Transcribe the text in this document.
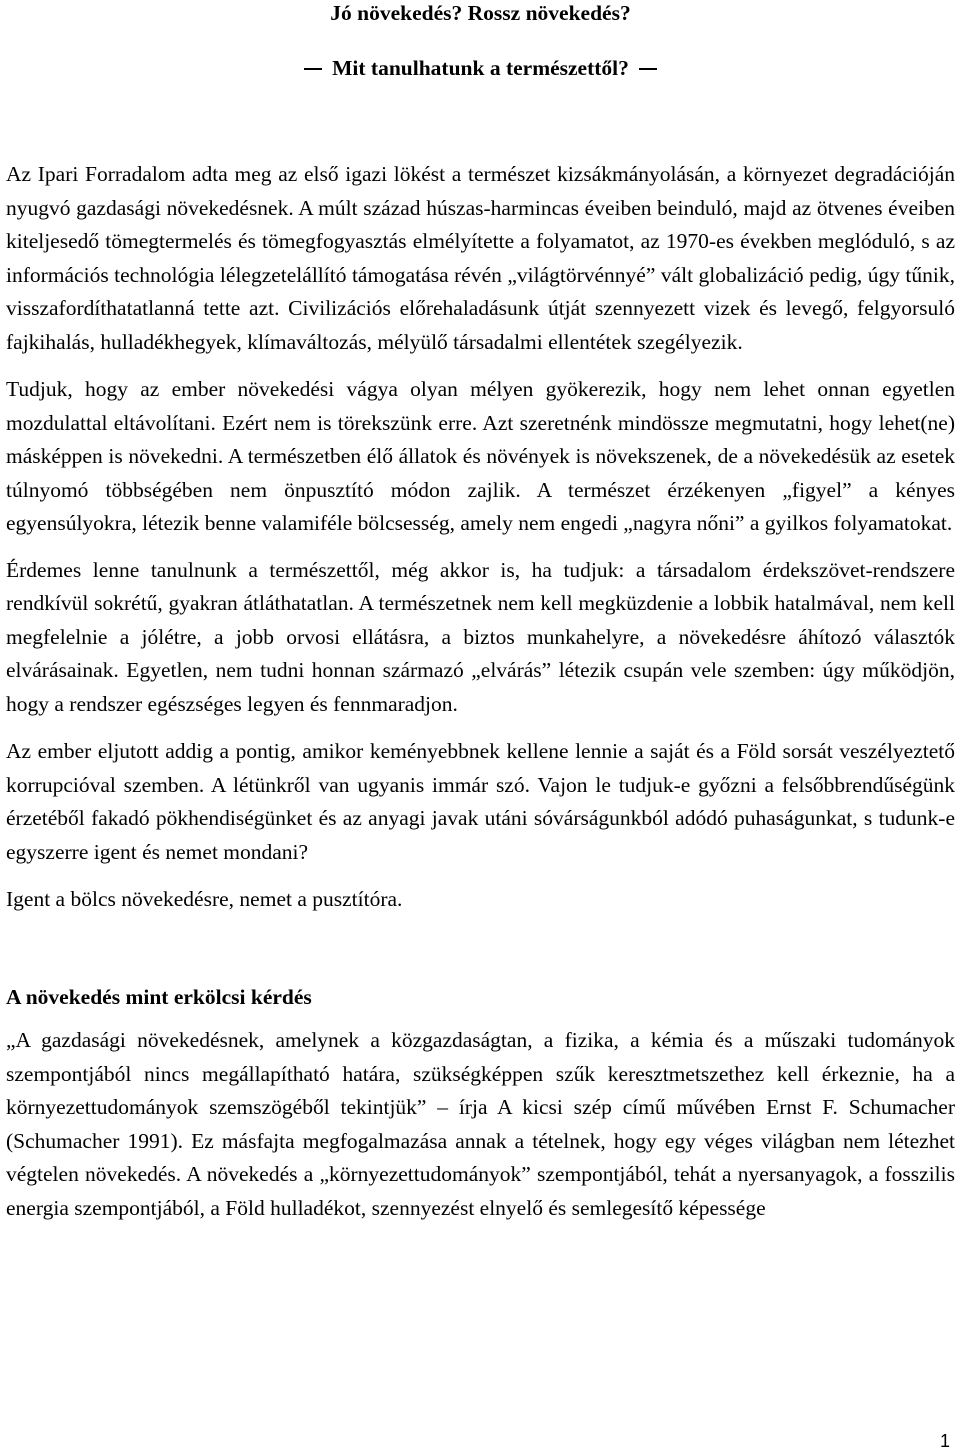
Jó növekedés? Rossz növekedés?
Mit tanulhatunk a természettől?

Az Ipari Forradalom adta meg az első igazi lökést a természet kizsákmányolásán, a környezet degradációján nyugvó gazdasági növekedésnek. A múlt század húszas-harmincas éveiben beinduló, majd az ötvenes éveiben kiteljesedő tömegtermelés és tömegfogyasztás elmélyítette a folyamatot, az 1970-es években meglóduló, s az információs technológia lélegzetelállító támogatása révén „világtörvénnyé” vált globalizáció pedig, úgy tűnik, visszafordíthatatlanná tette azt. Civilizációs előrehaladásunk útját szennyezett vizek és levegő, felgyorsuló fajkihalás, hulladékhegyek, klímaváltozás, mélyülő társadalmi ellentétek szegélyezik.

Tudjuk, hogy az ember növekedési vágya olyan mélyen gyökerezik, hogy nem lehet onnan egyetlen mozdulattal eltávolítani. Ezért nem is törekszünk erre. Azt szeretnénk mindössze megmutatni, hogy lehet(ne) másképpen is növekedni. A természetben élő állatok és növények is növekszenek, de a növekedésük az esetek túlnyomó többségében nem önpusztító módon zajlik. A természet érzékenyen „figyel” a kényes egyensúlyokra, létezik benne valamiféle bölcsesség, amely nem engedi „nagyra nőni” a gyilkos folyamatokat.

Érdemes lenne tanulnunk a természettől, még akkor is, ha tudjuk: a társadalom érdekszövet-rendszere rendkívül sokrétű, gyakran átláthatatlan. A természetnek nem kell megküzdenie a lobbik hatalmával, nem kell megfelelnie a jólétre, a jobb orvosi ellátásra, a biztos munkahelyre, a növekedésre áhítozó választók elvárásainak. Egyetlen, nem tudni honnan származó „elvárás” létezik csupán vele szemben: úgy működjön, hogy a rendszer egészséges legyen és fennmaradjon.

Az ember eljutott addig a pontig, amikor keményebbnek kellene lennie a saját és a Föld sorsát veszélyeztető korrupcióval szemben. A létünkről van ugyanis immár szó. Vajon le tudjuk-e győzni a felsőbbrendűségünk érzetéből fakadó pökhendiségünket és az anyagi javak utáni sóvárságunkból adódó puhaságunkat, s tudunk-e egyszerre igent és nemet mondani?

Igent a bölcs növekedésre, nemet a pusztítóra.

A növekedés mint erkölcsi kérdés

„A gazdasági növekedésnek, amelynek a közgazdaságtan, a fizika, a kémia és a műszaki tudományok szempontjából nincs megállapítható határa, szükségképpen szűk keresztmetszethez kell érkeznie, ha a környezettudományok szemszögéből tekintjük” – írja A kicsi szép című művében Ernst F. Schumacher (Schumacher 1991). Ez másfajta megfogalmazása annak a tételnek, hogy egy véges világban nem létezhet végtelen növekedés. A növekedés a „környezettudományok” szempontjából, tehát a nyersanyagok, a fosszilis energia szempontjából, a Föld hulladékot, szennyezést elnyelő és semlegesítő képessége

1
